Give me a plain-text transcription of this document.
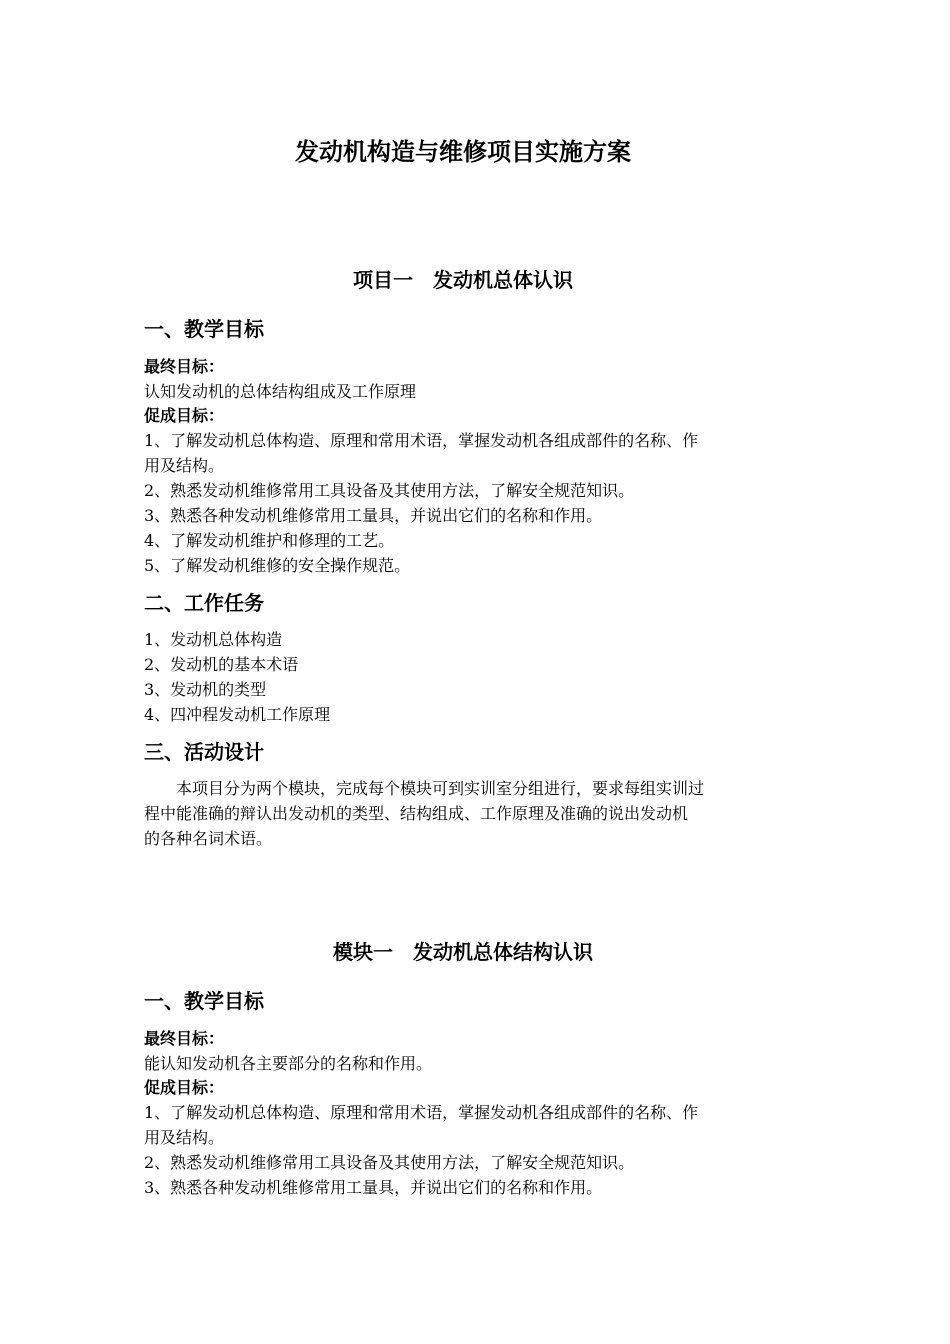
发动机构造与维修项目实施方案
项目一　发动机总体认识
一、教学目标
最终目标：
认知发动机的总体结构组成及工作原理
促成目标：
1、了解发动机总体构造、原理和常用术语，掌握发动机各组成部件的名称、作
用及结构。
2、熟悉发动机维修常用工具设备及其使用方法，了解安全规范知识。
3、熟悉各种发动机维修常用工量具，并说出它们的名称和作用。
4、了解发动机维护和修理的工艺。
5、了解发动机维修的安全操作规范。
二、工作任务
1、发动机总体构造
2、发动机的基本术语
3、发动机的类型
4、四冲程发动机工作原理
三、活动设计
　　本项目分为两个模块，完成每个模块可到实训室分组进行，要求每组实训过
程中能准确的辩认出发动机的类型、结构组成、工作原理及准确的说出发动机
的各种名词术语。
模块一　发动机总体结构认识
一、教学目标
最终目标：
能认知发动机各主要部分的名称和作用。
促成目标：
1、了解发动机总体构造、原理和常用术语，掌握发动机各组成部件的名称、作
用及结构。
2、熟悉发动机维修常用工具设备及其使用方法，了解安全规范知识。
3、熟悉各种发动机维修常用工量具，并说出它们的名称和作用。
